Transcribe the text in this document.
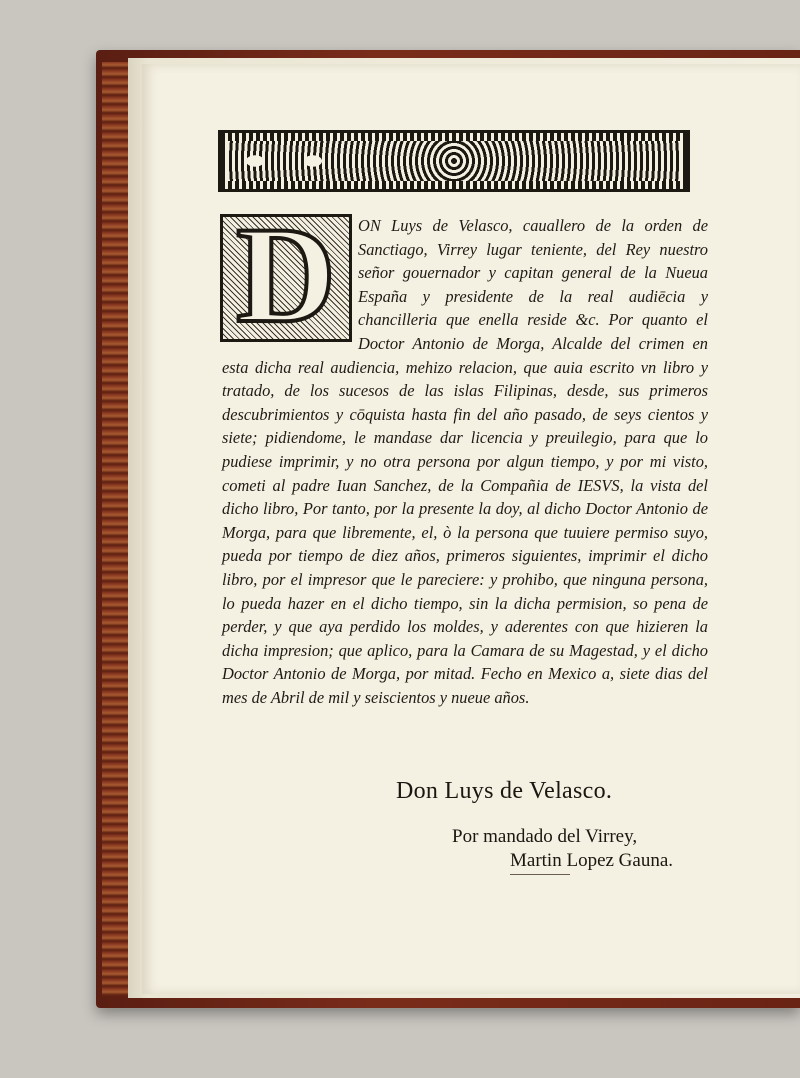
ON Luys de Velasco, cauallero de la orden de Sanctiago, Virrey lugar teniente, del Rey nuestro señor gouernador y capitan general de la Nueua España y presidente de la real audiēcia y chancilleria que enella reside &c. Por quanto el Doctor Antonio de Morga, Alcalde del crimen en esta dicha real audiencia, mehizo relacion, que auia escrito vn libro y tratado, de los sucesos de las islas Filipinas, desde, sus primeros descubrimientos y cōquista hasta fin del año pasado, de seys cientos y siete; pidiendome, le mandase dar licencia y preuilegio, para que lo pudiese imprimir, y no otra persona por algun tiempo, y por mi visto, cometi al padre Iuan Sanchez, de la Compañia de IESVS, la vista del dicho libro, Por tanto, por la presente la doy, al dicho Doctor Antonio de Morga, para que libremente, el, ò la persona que tuuiere permiso suyo, pueda por tiempo de diez años, primeros siguientes, imprimir el dicho libro, por el impresor que le pareciere: y prohibo, que ninguna persona, lo pueda hazer en el dicho tiempo, sin la dicha permision, so pena de perder, y que aya perdido los moldes, y aderentes con que hizieren la dicha impresion; que aplico, para la Camara de su Magestad, y el dicho Doctor Antonio de Morga, por mitad. Fecho en Mexico a, siete dias del mes de Abril de mil y seiscientos y nueue años.
D
Don Luys de Velasco.
Por mandado del Virrey,
Martin Lopez Gauna.
